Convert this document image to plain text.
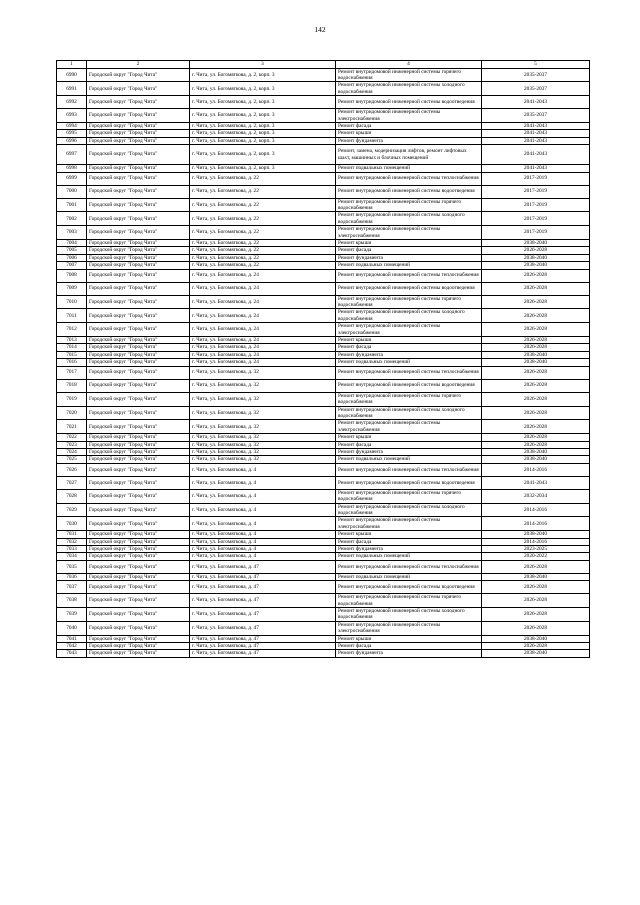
142
1	2	3	4	5
6990	Городской округ "Город Чита"	г. Чита, ул. Богомягкова, д. 2, корп. 3	Ремонт внутридомовой инженерной системы горячего водоснабжения	2035-2037
6991	Городской округ "Город Чита"	г. Чита, ул. Богомягкова, д. 2, корп. 3	Ремонт внутридомовой инженерной системы холодного водоснабжения	2035-2037
6992	Городской округ "Город Чита"	г. Чита, ул. Богомягкова, д. 2, корп. 3	Ремонт внутридомовой инженерной системы водоотведения	2041-2043
6993	Городской округ "Город Чита"	г. Чита, ул. Богомягкова, д. 2, корп. 3	Ремонт внутридомовой инженерной системы электроснабжения	2035-2037
6994	Городской округ "Город Чита"	г. Чита, ул. Богомягкова, д. 2, корп. 3	Ремонт фасада	2041-2043
6995	Городской округ "Город Чита"	г. Чита, ул. Богомягкова, д. 2, корп. 3	Ремонт крыши	2041-2043
6996	Городской округ "Город Чита"	г. Чита, ул. Богомягкова, д. 2, корп. 3	Ремонт фундамента	2041-2043
6997	Городской округ "Город Чита"	г. Чита, ул. Богомягкова, д. 2, корп. 3	Ремонт, замена, модернизация лифтов, ремонт лифтовых шахт, машинных и блочных помещений	2041-2043
6998	Городской округ "Город Чита"	г. Чита, ул. Богомягкова, д. 2, корп. 3	Ремонт подвальных помещений	2041-2043
6999	Городской округ "Город Чита"	г. Чита, ул. Богомягкова, д. 22	Ремонт внутридомовой инженерной системы теплоснабжения	2017-2019
7000	Городской округ "Город Чита"	г. Чита, ул. Богомягкова, д. 22	Ремонт внутридомовой инженерной системы водоотведения	2017-2019
7001	Городской округ "Город Чита"	г. Чита, ул. Богомягкова, д. 22	Ремонт внутридомовой инженерной системы горячего водоснабжения	2017-2019
7002	Городской округ "Город Чита"	г. Чита, ул. Богомягкова, д. 22	Ремонт внутридомовой инженерной системы холодного водоснабжения	2017-2019
7003	Городской округ "Город Чита"	г. Чита, ул. Богомягкова, д. 22	Ремонт внутридомовой инженерной системы электроснабжения	2017-2019
7004	Городской округ "Город Чита"	г. Чита, ул. Богомягкова, д. 22	Ремонт крыши	2038-2040
7005	Городской округ "Город Чита"	г. Чита, ул. Богомягкова, д. 22	Ремонт фасада	2026-2028
7006	Городской округ "Город Чита"	г. Чита, ул. Богомягкова, д. 22	Ремонт фундамента	2038-2040
7007	Городской округ "Город Чита"	г. Чита, ул. Богомягкова, д. 22	Ремонт подвальных помещений	2038-2040
7008	Городской округ "Город Чита"	г. Чита, ул. Богомягкова, д. 24	Ремонт внутридомовой инженерной системы теплоснабжения	2026-2028
7009	Городской округ "Город Чита"	г. Чита, ул. Богомягкова, д. 24	Ремонт внутридомовой инженерной системы водоотведения	2026-2028
7010	Городской округ "Город Чита"	г. Чита, ул. Богомягкова, д. 24	Ремонт внутридомовой инженерной системы горячего водоснабжения	2026-2028
7011	Городской округ "Город Чита"	г. Чита, ул. Богомягкова, д. 24	Ремонт внутридомовой инженерной системы холодного водоснабжения	2026-2028
7012	Городской округ "Город Чита"	г. Чита, ул. Богомягкова, д. 24	Ремонт внутридомовой инженерной системы электроснабжения	2026-2028
7013	Городской округ "Город Чита"	г. Чита, ул. Богомягкова, д. 24	Ремонт крыши	2026-2028
7014	Городской округ "Город Чита"	г. Чита, ул. Богомягкова, д. 24	Ремонт фасада	2026-2028
7015	Городской округ "Город Чита"	г. Чита, ул. Богомягкова, д. 24	Ремонт фундамента	2038-2040
7016	Городской округ "Город Чита"	г. Чита, ул. Богомягкова, д. 24	Ремонт подвальных помещений	2038-2040
7017	Городской округ "Город Чита"	г. Чита, ул. Богомягкова, д. 32	Ремонт внутридомовой инженерной системы теплоснабжения	2026-2028
7018	Городской округ "Город Чита"	г. Чита, ул. Богомягкова, д. 32	Ремонт внутридомовой инженерной системы водоотведения	2026-2028
7019	Городской округ "Город Чита"	г. Чита, ул. Богомягкова, д. 32	Ремонт внутридомовой инженерной системы горячего водоснабжения	2026-2028
7020	Городской округ "Город Чита"	г. Чита, ул. Богомягкова, д. 32	Ремонт внутридомовой инженерной системы холодного водоснабжения	2026-2028
7021	Городской округ "Город Чита"	г. Чита, ул. Богомягкова, д. 32	Ремонт внутридомовой инженерной системы электроснабжения	2026-2028
7022	Городской округ "Город Чита"	г. Чита, ул. Богомягкова, д. 32	Ремонт крыши	2026-2028
7023	Городской округ "Город Чита"	г. Чита, ул. Богомягкова, д. 32	Ремонт фасада	2026-2028
7024	Городской округ "Город Чита"	г. Чита, ул. Богомягкова, д. 32	Ремонт фундамента	2038-2040
7025	Городской округ "Город Чита"	г. Чита, ул. Богомягкова, д. 32	Ремонт подвальных помещений	2038-2040
7026	Городской округ "Город Чита"	г. Чита, ул. Богомягкова, д. 4	Ремонт внутридомовой инженерной системы теплоснабжения	2014-2016
7027	Городской округ "Город Чита"	г. Чита, ул. Богомягкова, д. 4	Ремонт внутридомовой инженерной системы водоотведения	2041-2043
7028	Городской округ "Город Чита"	г. Чита, ул. Богомягкова, д. 4	Ремонт внутридомовой инженерной системы горячего водоснабжения	2032-2034
7029	Городской округ "Город Чита"	г. Чита, ул. Богомягкова, д. 4	Ремонт внутридомовой инженерной системы холодного водоснабжения	2014-2016
7030	Городской округ "Город Чита"	г. Чита, ул. Богомягкова, д. 4	Ремонт внутридомовой инженерной системы электроснабжения	2014-2016
7031	Городской округ "Город Чита"	г. Чита, ул. Богомягкова, д. 4	Ремонт крыши	2038-2040
7032	Городской округ "Город Чита"	г. Чита, ул. Богомягкова, д. 4	Ремонт фасада	2014-2016
7033	Городской округ "Город Чита"	г. Чита, ул. Богомягкова, д. 4	Ремонт фундамента	2023-2025
7034	Городской округ "Город Чита"	г. Чита, ул. Богомягкова, д. 4	Ремонт подвальных помещений	2020-2022
7035	Городской округ "Город Чита"	г. Чита, ул. Богомягкова, д. 47	Ремонт внутридомовой инженерной системы теплоснабжения	2026-2028
7036	Городской округ "Город Чита"	г. Чита, ул. Богомягкова, д. 47	Ремонт подвальных помещений	2038-2040
7037	Городской округ "Город Чита"	г. Чита, ул. Богомягкова, д. 47	Ремонт внутридомовой инженерной системы водоотведения	2026-2028
7038	Городской округ "Город Чита"	г. Чита, ул. Богомягкова, д. 47	Ремонт внутридомовой инженерной системы горячего водоснабжения	2026-2028
7039	Городской округ "Город Чита"	г. Чита, ул. Богомягкова, д. 47	Ремонт внутридомовой инженерной системы холодного водоснабжения	2026-2028
7040	Городской округ "Город Чита"	г. Чита, ул. Богомягкова, д. 47	Ремонт внутридомовой инженерной системы электроснабжения	2026-2028
7041	Городской округ "Город Чита"	г. Чита, ул. Богомягкова, д. 47	Ремонт крыши	2038-2040
7042	Городской округ "Город Чита"	г. Чита, ул. Богомягкова, д. 47	Ремонт фасада	2026-2028
7043	Городской округ "Город Чита"	г. Чита, ул. Богомягкова, д. 47	Ремонт фундамента	2038-2040
